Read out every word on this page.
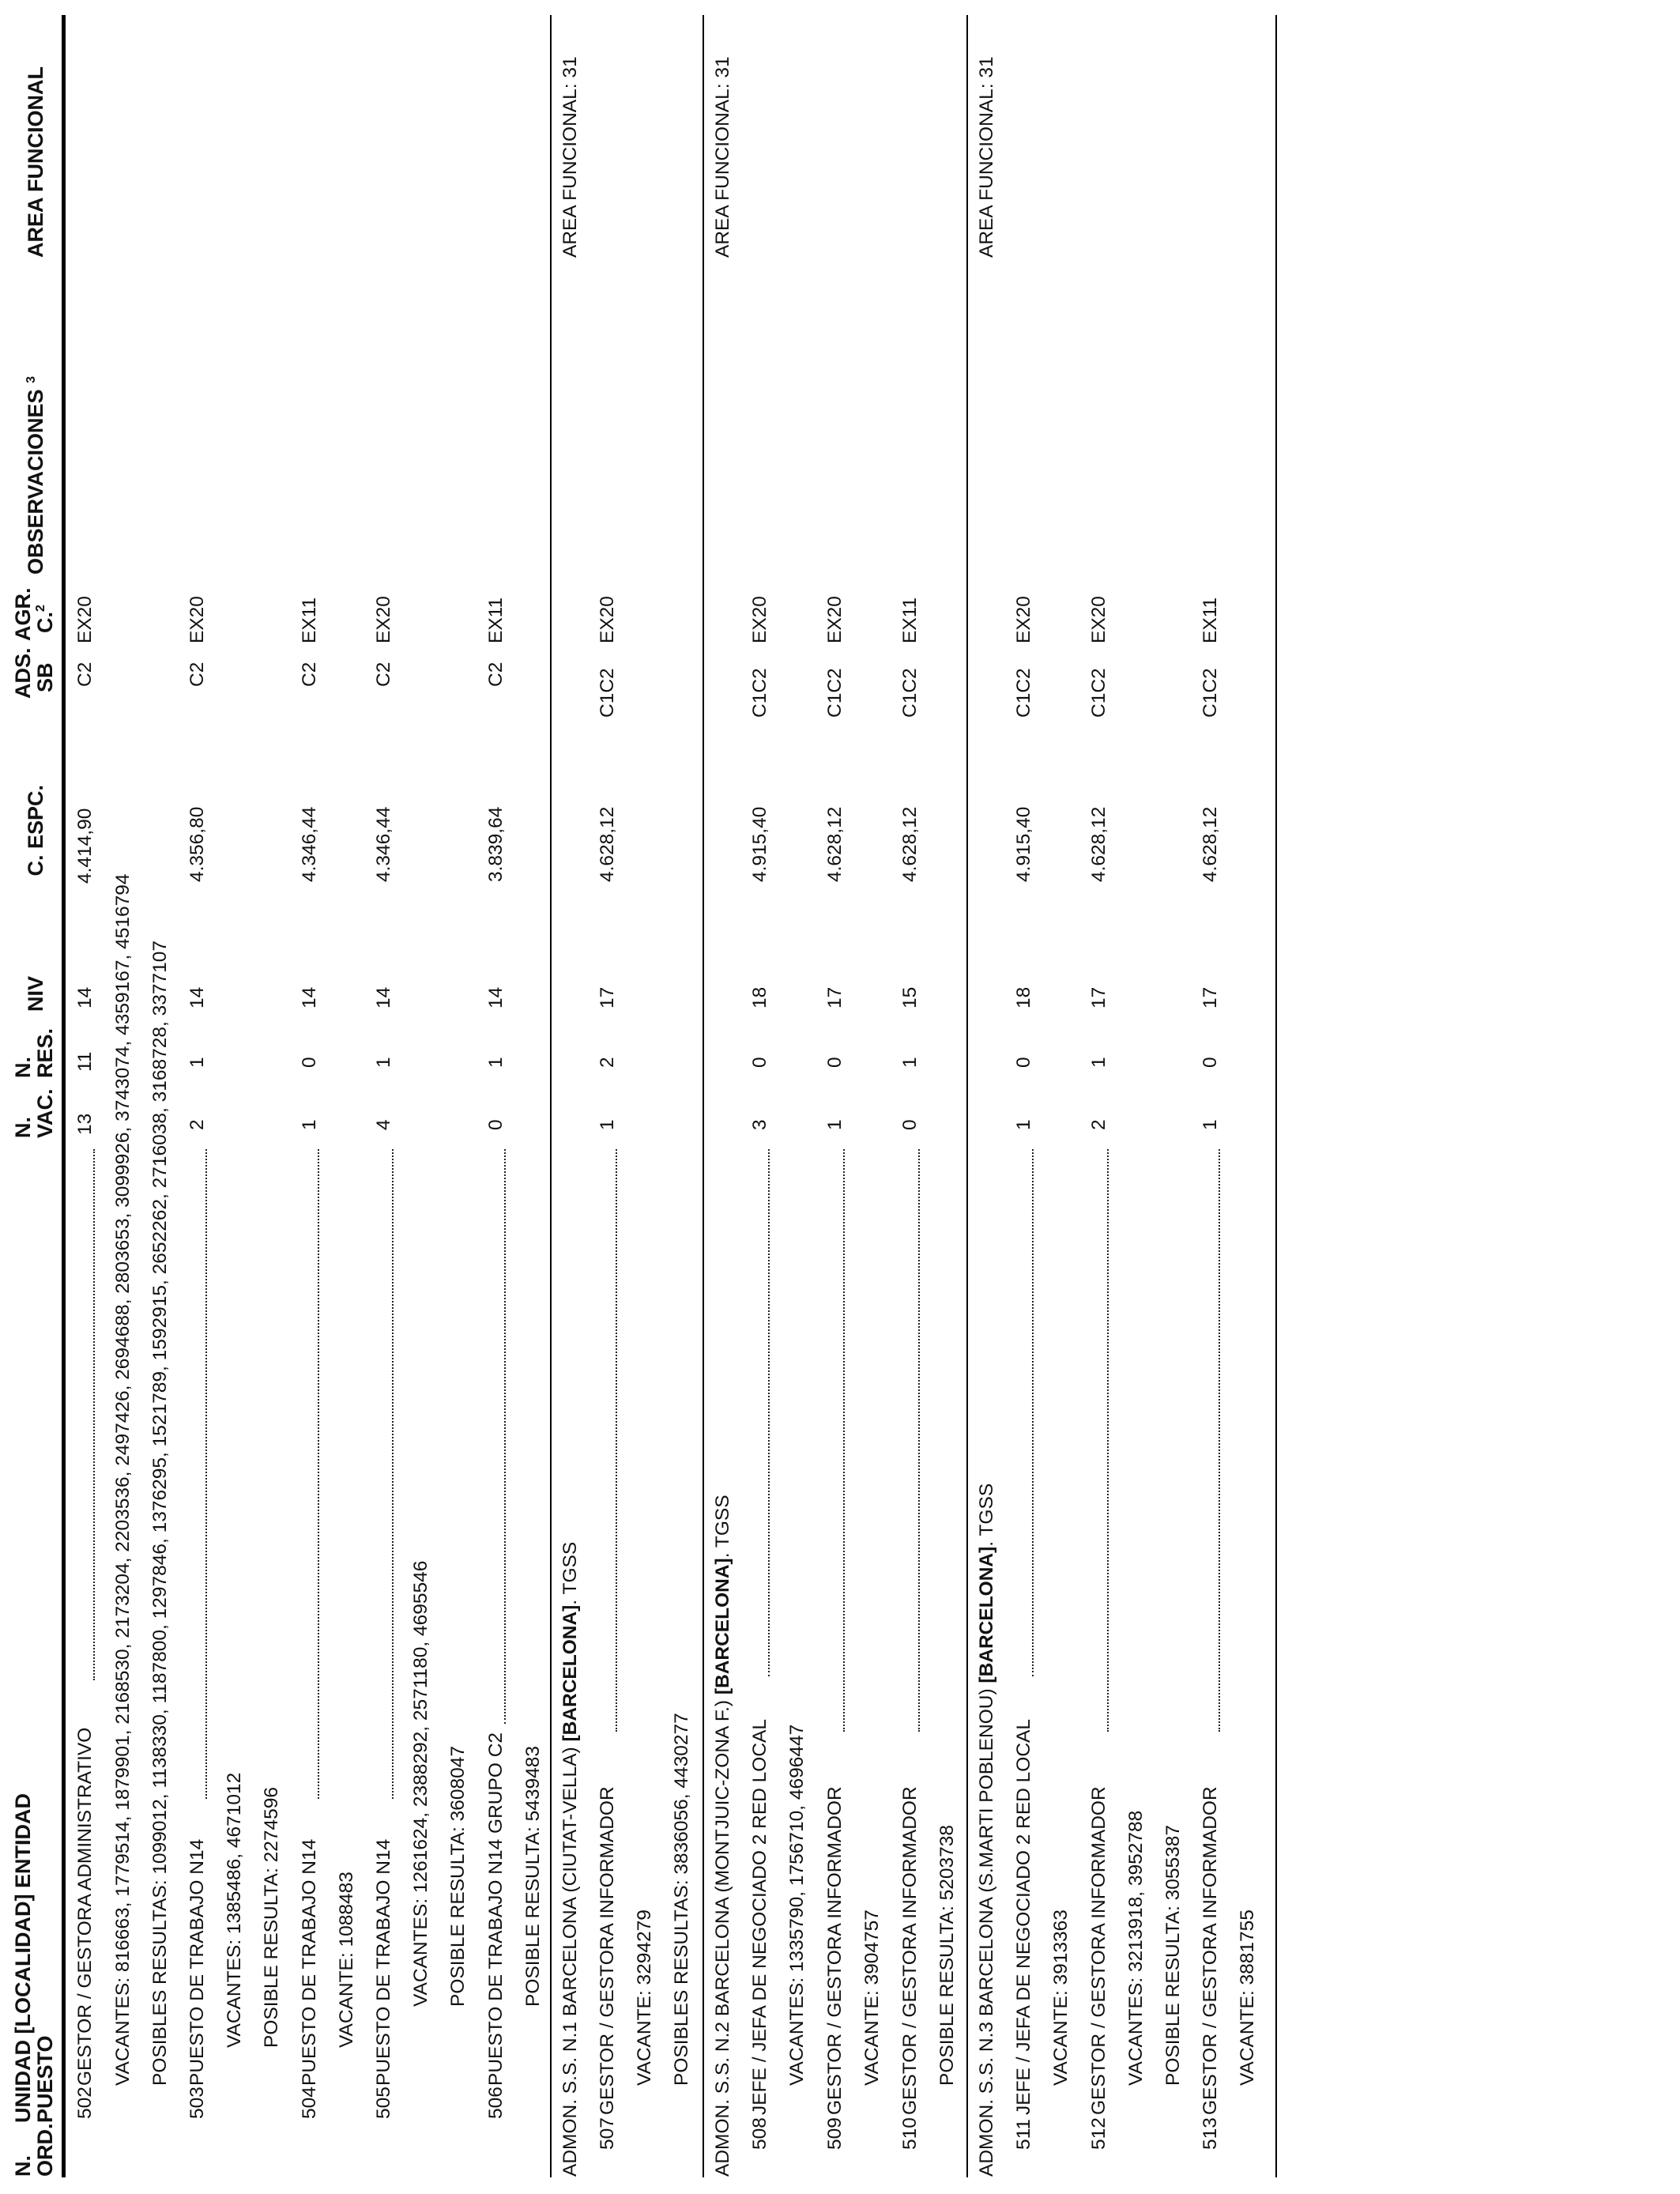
N.
ORD.
UNIDAD [LOCALIDAD] ENTIDAD
PUESTO
N.
VAC.
N.
RES.
NIV
C. ESPC.
ADS.
SB
AGR.
C.$^2$
OBSERVACIONES $^3$
AREA FUNCIONAL
502
GESTOR / GESTORA ADMINISTRATIVO
13
11
14
4.414,90
C2
EX20
VACANTES: 816663, 1779514, 1879901, 2168530, 2173204, 2203536, 2497426, 2694688, 2803653, 3099926, 3743074, 4359167, 4516794 POSIBLES RESULTAS: 1099012, 1138330, 1187800, 1297846, 1376295, 1521789, 1592915, 2652262, 2716038, 3168728, 3377107
503
PUESTO DE TRABAJO N14
2
1
14
4.356,80
C2
EX20
VACANTES: 1385486, 4671012 POSIBLE RESULTA: 2274596
504
PUESTO DE TRABAJO N14
1
0
14
4.346,44
C2
EX11
VACANTE: 1088483
505
PUESTO DE TRABAJO N14
4
1
14
4.346,44
C2
EX20
VACANTES: 1261624, 2388292, 2571180, 4695546 POSIBLE RESULTA: 3608047
506
PUESTO DE TRABAJO N14 GRUPO C2
0
1
14
3.839,64
C2
EX11
POSIBLE RESULTA: 5439483 ADMON. S.S. N.1 BARCELONA (CIUTAT-VELLA) [BARCELONA]. TGSS
AREA FUNCIONAL: 31
507
GESTOR / GESTORA INFORMADOR
1
2
17
4.628,12
C1C2
EX20
VACANTE: 3294279 POSIBLES RESULTAS: 3836056, 4430277 ADMON. S.S. N.2 BARCELONA (MONTJUIC-ZONA F.) [BARCELONA]. TGSS
AREA FUNCIONAL: 31
508
JEFE / JEFA DE NEGOCIADO 2 RED LOCAL
3
0
18
4.915,40
C1C2
EX20
VACANTES: 1335790, 1756710, 4696447
509
GESTOR / GESTORA INFORMADOR
1
0
17
4.628,12
C1C2
EX20
VACANTE: 3904757
510
GESTOR / GESTORA INFORMADOR
0
1
15
4.628,12
C1C2
EX11
POSIBLE RESULTA: 5203738 ADMON. S.S. N.3 BARCELONA (S.MARTI POBLENOU) [BARCELONA]. TGSS
AREA FUNCIONAL: 31
511
JEFE / JEFA DE NEGOCIADO 2 RED LOCAL
1
0
18
4.915,40
C1C2
EX20
VACANTE: 3913363
512
GESTOR / GESTORA INFORMADOR
2
1
17
4.628,12
C1C2
EX20
VACANTES: 3213918, 3952788 POSIBLE RESULTA: 3055387
513
GESTOR / GESTORA INFORMADOR
1
0
17
4.628,12
C1C2
EX11
VACANTE: 3881755
